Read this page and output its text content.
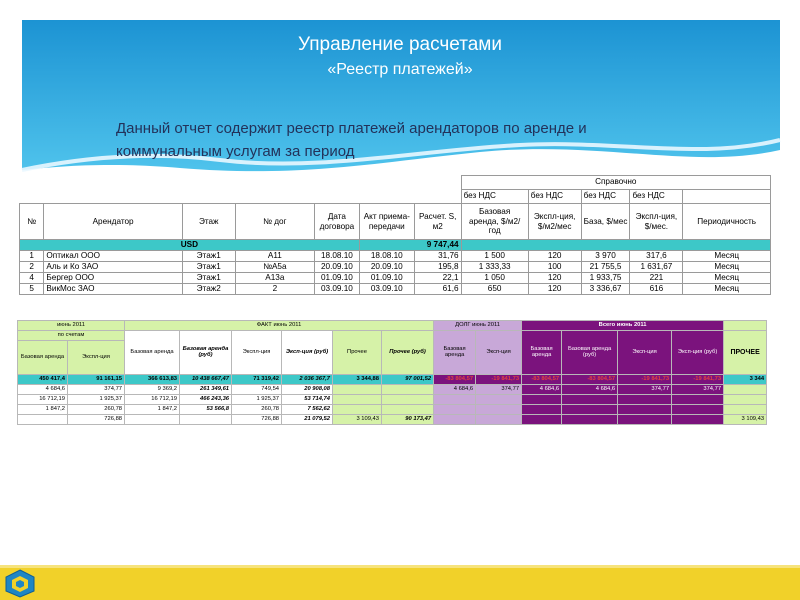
Управление расчетами
«Реестр платежей»
Данный отчет содержит реестр платежей арендаторов по аренде и коммунальным услугам за период
							Справочно				
							без НДС	без НДС	без НДС	без НДС	
№	Арендатор	Этаж	№ дог	Дата договора	Акт приема-передачи	Расчет. S, м2	Базовая аренда, $/м2/год	Экспл-ция, $/м2/мес	База, $/мес	Экспл-ция, $/мес.	Периодичность
USD					9 747,44						
1	Оптикал ООО	Этаж1	А11	18.08.10	18.08.10	31,76	1 500	120	3 970	317,6	Месяц
2	Аль и Ко ЗАО	Этаж1	№А5а	20.09.10	20.09.10	195,8	1 333,33	100	21 755,5	1 631,67	Месяц
4	Бергер ООО	Этаж1	А13а	01.09.10	01.09.10	22,1	1 050	120	1 933,75	221	Месяц
5	ВикМос ЗАО	Этаж2	2	03.09.10	03.09.10	61,6	650	120	3 336,67	616	Месяц
июнь 2011		ФАКТ июнь 2011						ДОЛГ июнь 2011		Всего июнь 2011				
по счетам		Базовая аренда	Базовая аренда (руб)	Экспл-ция	Эксп-ция (руб)	Прочее	Прочее (руб)	Базовая аренда	Эксп-ция	Базовая аренда	Базовая аренда (руб)	Эксп-ция	Эксп-ция (руб)	ПРОЧЕЕ
Базовая аренда	Экспл-ция													
450 417,4	91 161,15	366 613,83	10 438 667,47	71 319,42	2 036 367,7	3 344,88	97 001,52	-83 804,57	-19 841,73	-83 804,57	-83 804,57	-19 841,73	-19 841,73	3 344
4 684,6	374,77	9 369,2	261 349,61	749,54	20 908,08			4 684,6	374,77	4 684,6	4 684,6	374,77	374,77	
16 712,19	1 925,37	16 712,19	466 243,36	1 925,37	53 714,74									
1 847,2	260,78	1 847,2	53 566,8	260,78	7 562,62									
	726,88			726,88	21 079,52	3 109,43	90 173,47							3 109,43
